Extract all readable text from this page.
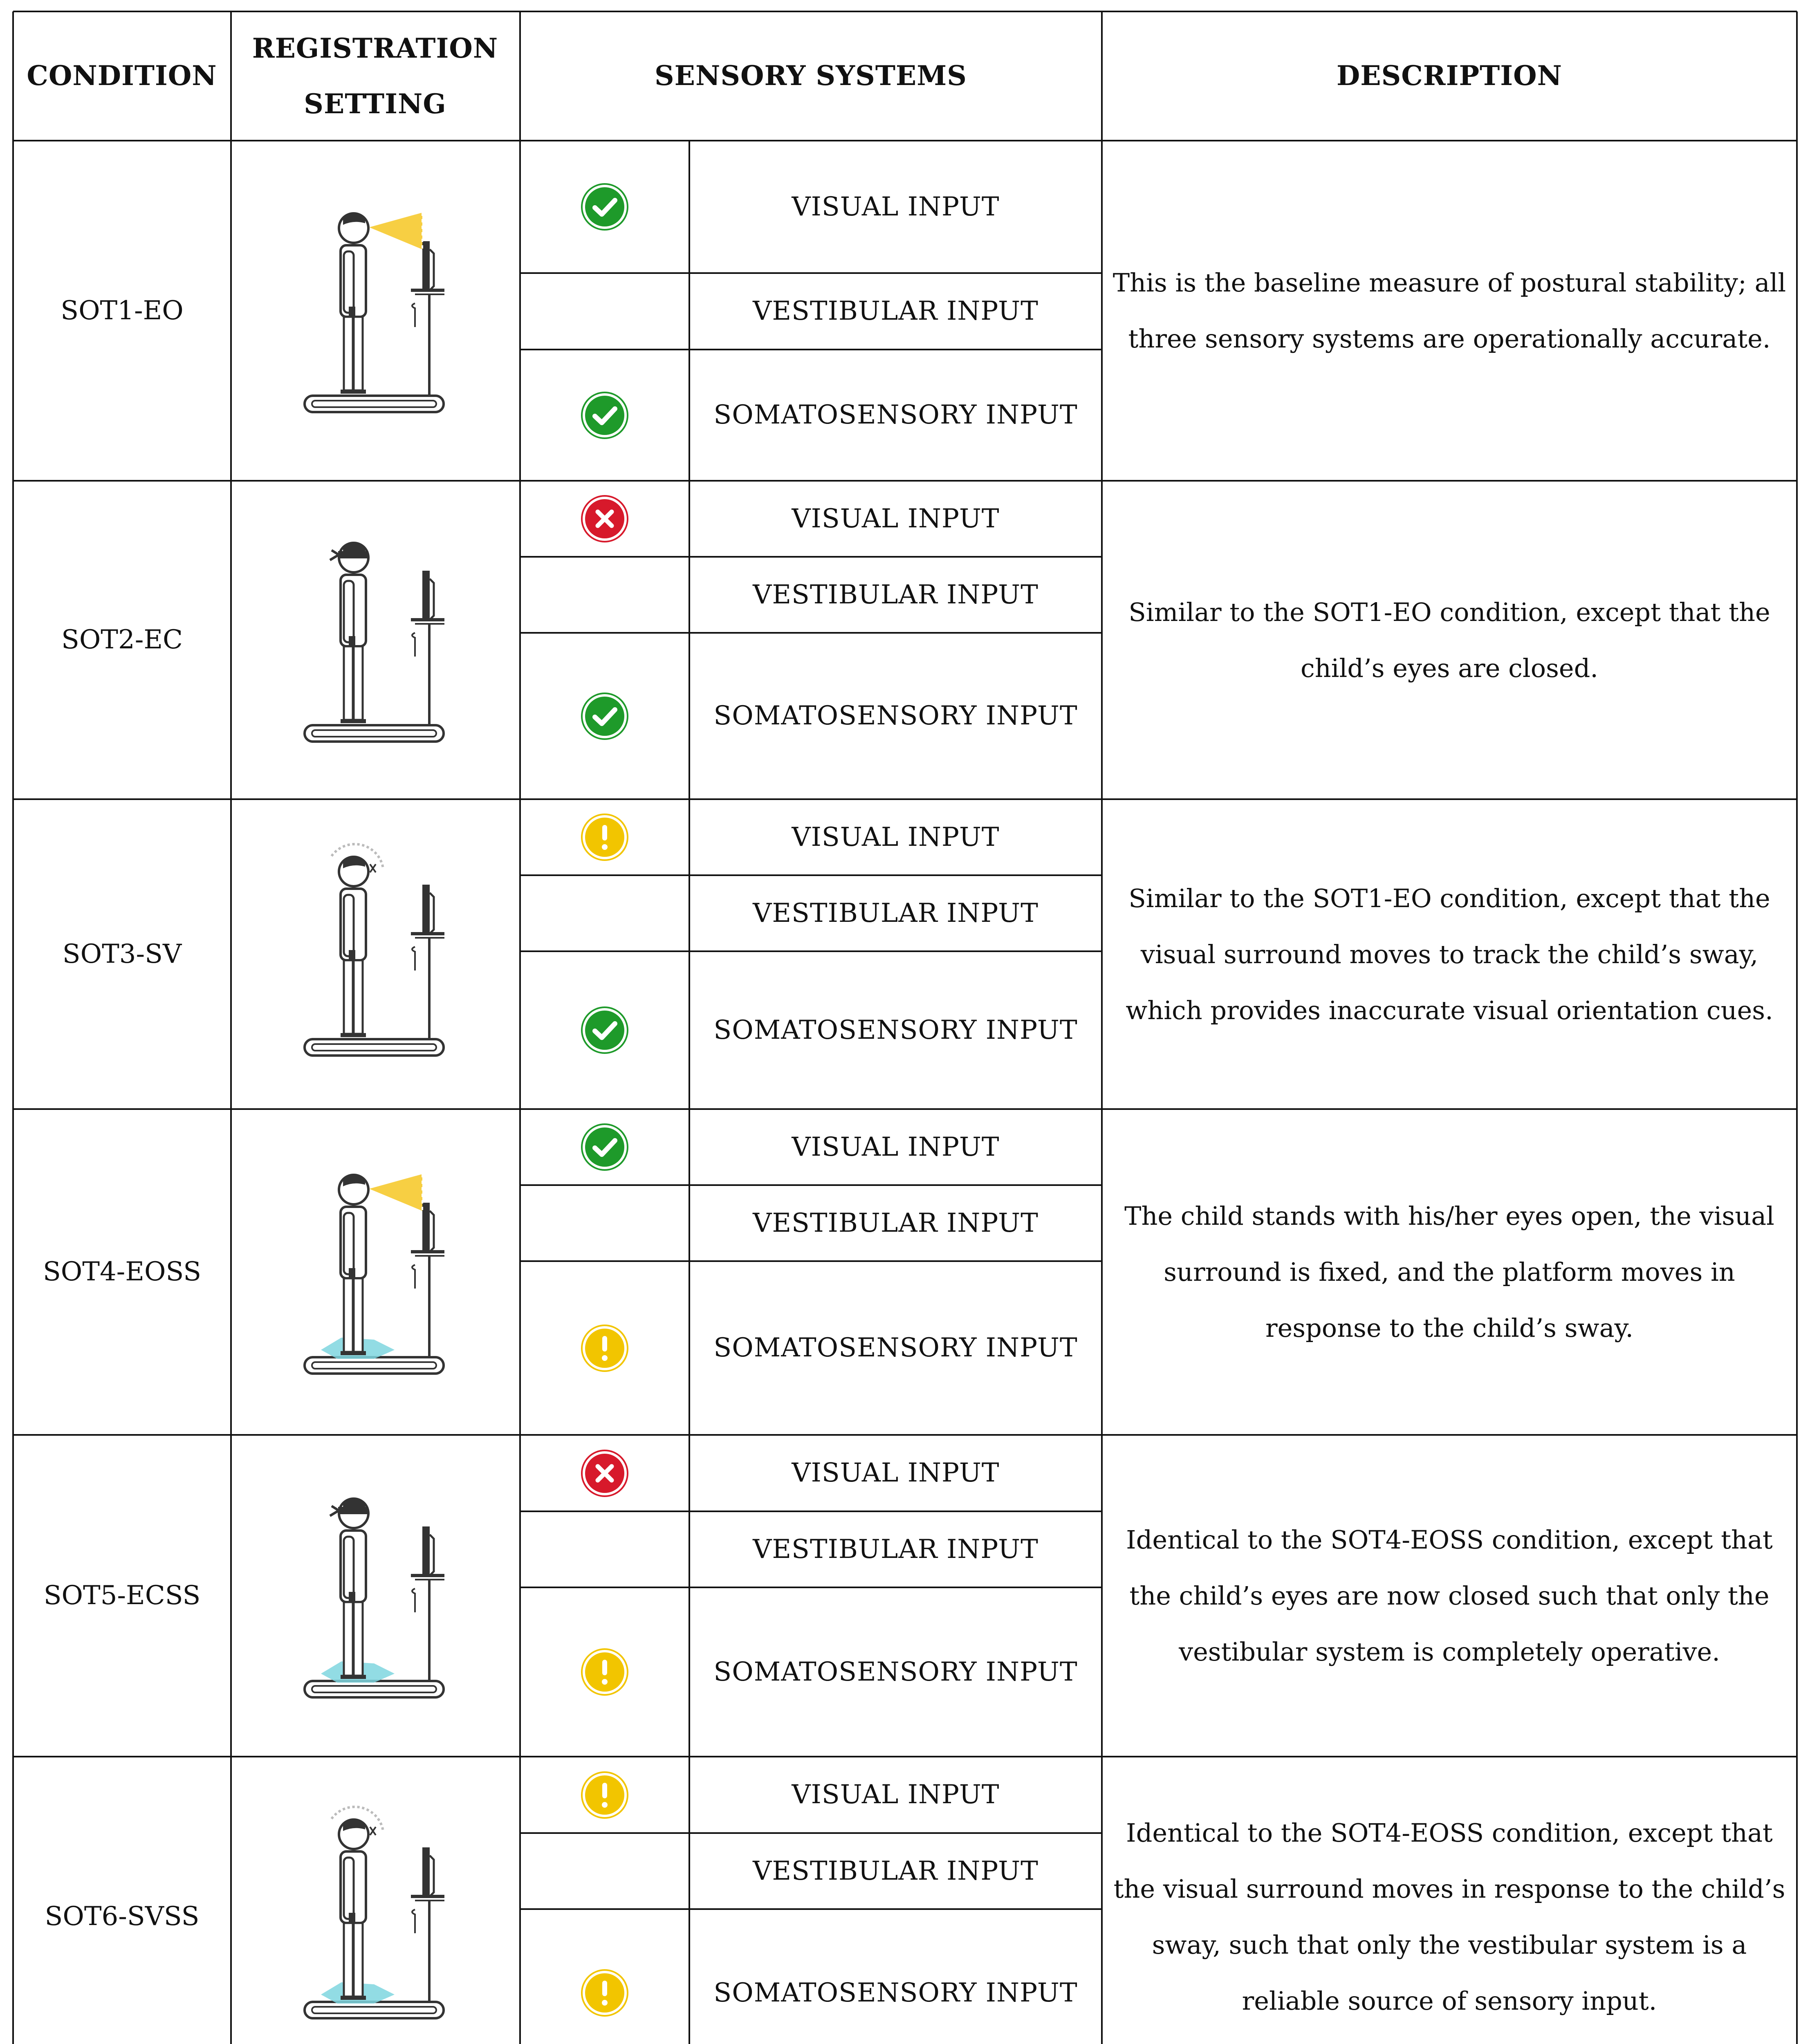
CONDITION
REGISTRATION
SETTING
SENSORY SYSTEMS	DESCRIPTION
SOT1-EO
VISUAL INPUT
VESTIBULAR INPUT
SOMATOSENSORY INPUT
This is the baseline measure of postural stability; all three sensory systems are operationally accurate.
SOT2-EC
VISUAL INPUT
VESTIBULAR INPUT
SOMATOSENSORY INPUT
Similar to the SOT1-EO condition, except that the child’s eyes are closed.
SOT3-SV
VISUAL INPUT
VESTIBULAR INPUT
SOMATOSENSORY INPUT
Similar to the SOT1-EO condition, except that the visual surround moves to track the child’s sway, which provides inaccurate visual orientation cues.
SOT4-EOSS
VISUAL INPUT
VESTIBULAR INPUT
SOMATOSENSORY INPUT
The child stands with his/her eyes open, the visual surround is fixed, and the platform moves in response to the child’s sway.
SOT5-ECSS
VISUAL INPUT
VESTIBULAR INPUT
SOMATOSENSORY INPUT
Identical to the SOT4-EOSS condition, except that the child’s eyes are now closed such that only the vestibular system is completely operative.
SOT6-SVSS
VISUAL INPUT
VESTIBULAR INPUT
SOMATOSENSORY INPUT
Identical to the SOT4-EOSS condition, except that the visual surround moves in response to the child’s sway, such that only the vestibular system is a reliable source of sensory input.
